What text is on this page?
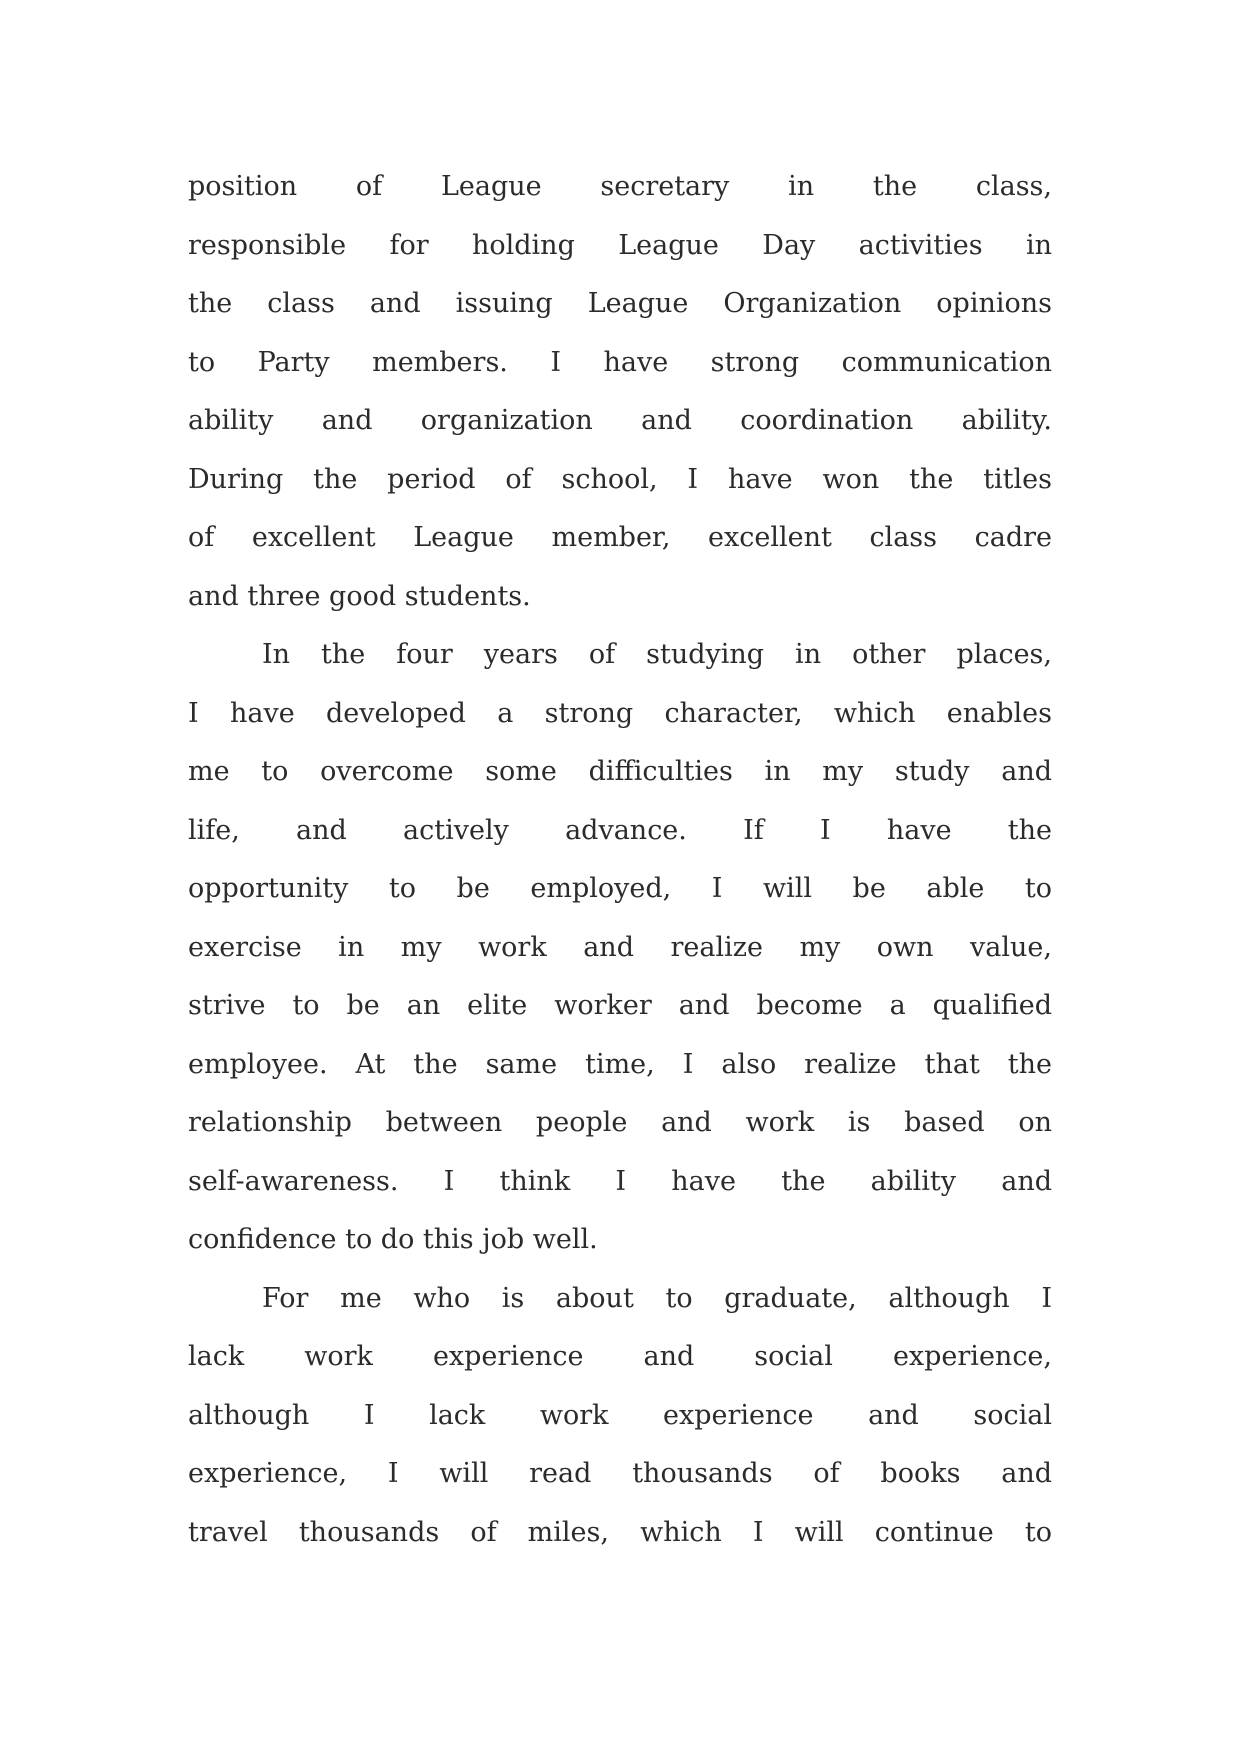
position of League secretary in the class,
responsible for holding League Day activities in
the class and issuing League Organization opinions
to Party members. I have strong communication
ability and organization and coordination ability.
During the period of school, I have won the titles
of excellent League member, excellent class cadre
and three good students.
In the four years of studying in other places,
I have developed a strong character, which enables
me to overcome some difficulties in my study and
life, and actively advance. If I have the
opportunity to be employed, I will be able to
exercise in my work and realize my own value,
strive to be an elite worker and become a qualified
employee. At the same time, I also realize that the
relationship between people and work is based on
self-awareness. I think I have the ability and
confidence to do this job well.
For me who is about to graduate, although I
lack work experience and social experience,
although I lack work experience and social
experience, I will read thousands of books and
travel thousands of miles, which I will continue to
